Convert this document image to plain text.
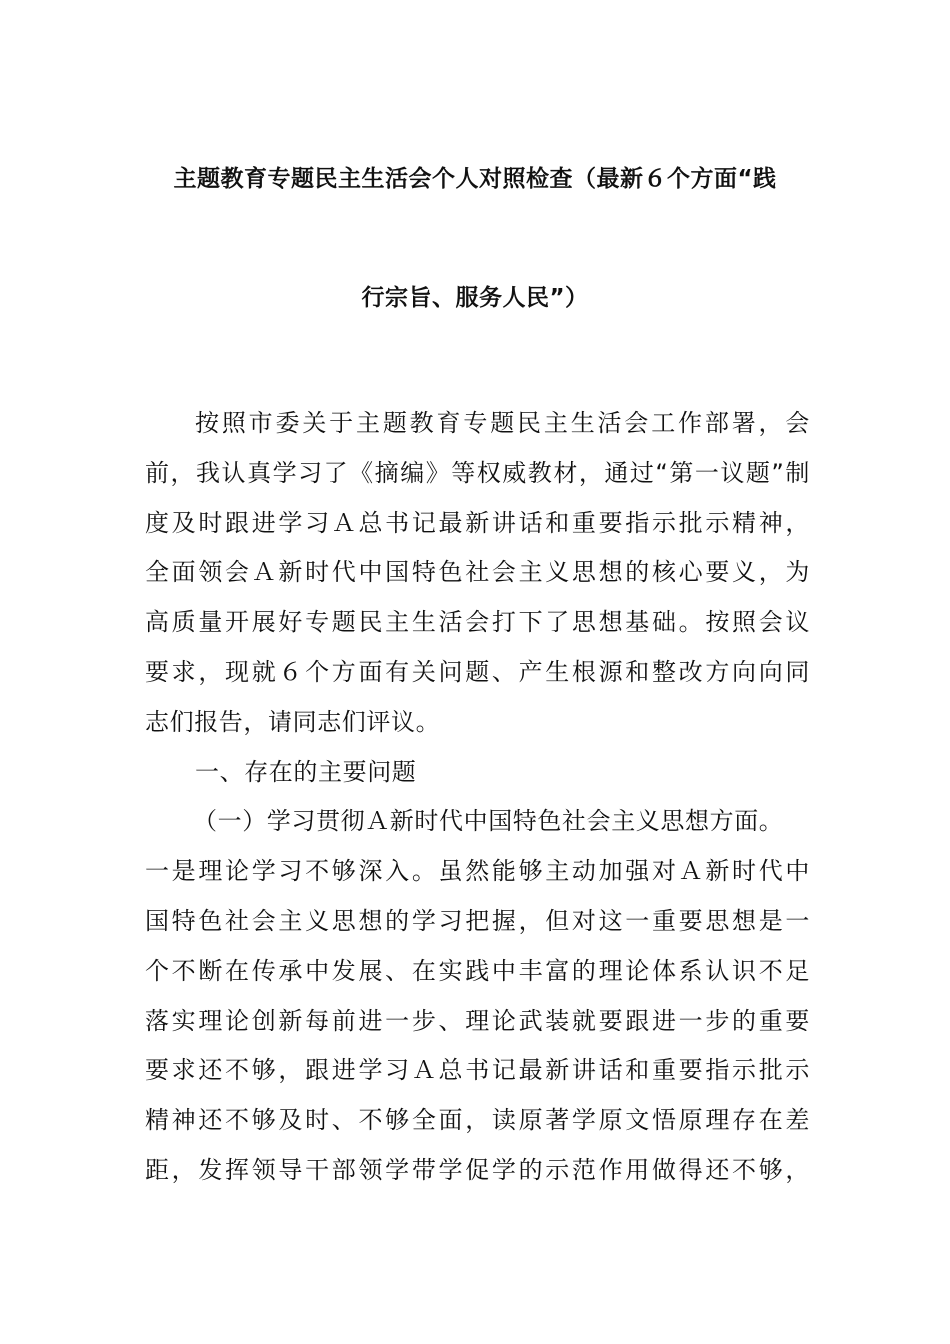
主题教育专题民主生活会个人对照检查（最新６个方面“践
行宗旨、服务人民”）
按照市委关于主题教育专题民主生活会工作部署，会
前，我认真学习了《摘编》等权威教材，通过“第一议题”制
度及时跟进学习Ａ总书记最新讲话和重要指示批示精神，
全面领会Ａ新时代中国特色社会主义思想的核心要义，为
高质量开展好专题民主生活会打下了思想基础。按照会议
要求，现就６个方面有关问题、产生根源和整改方向向同
志们报告，请同志们评议。
一、存在的主要问题
（一）学习贯彻Ａ新时代中国特色社会主义思想方面。
一是理论学习不够深入。虽然能够主动加强对Ａ新时代中
国特色社会主义思想的学习把握，但对这一重要思想是一
个不断在传承中发展、在实践中丰富的理论体系认识不足
落实理论创新每前进一步、理论武装就要跟进一步的重要
要求还不够，跟进学习Ａ总书记最新讲话和重要指示批示
精神还不够及时、不够全面，读原著学原文悟原理存在差
距，发挥领导干部领学带学促学的示范作用做得还不够，
